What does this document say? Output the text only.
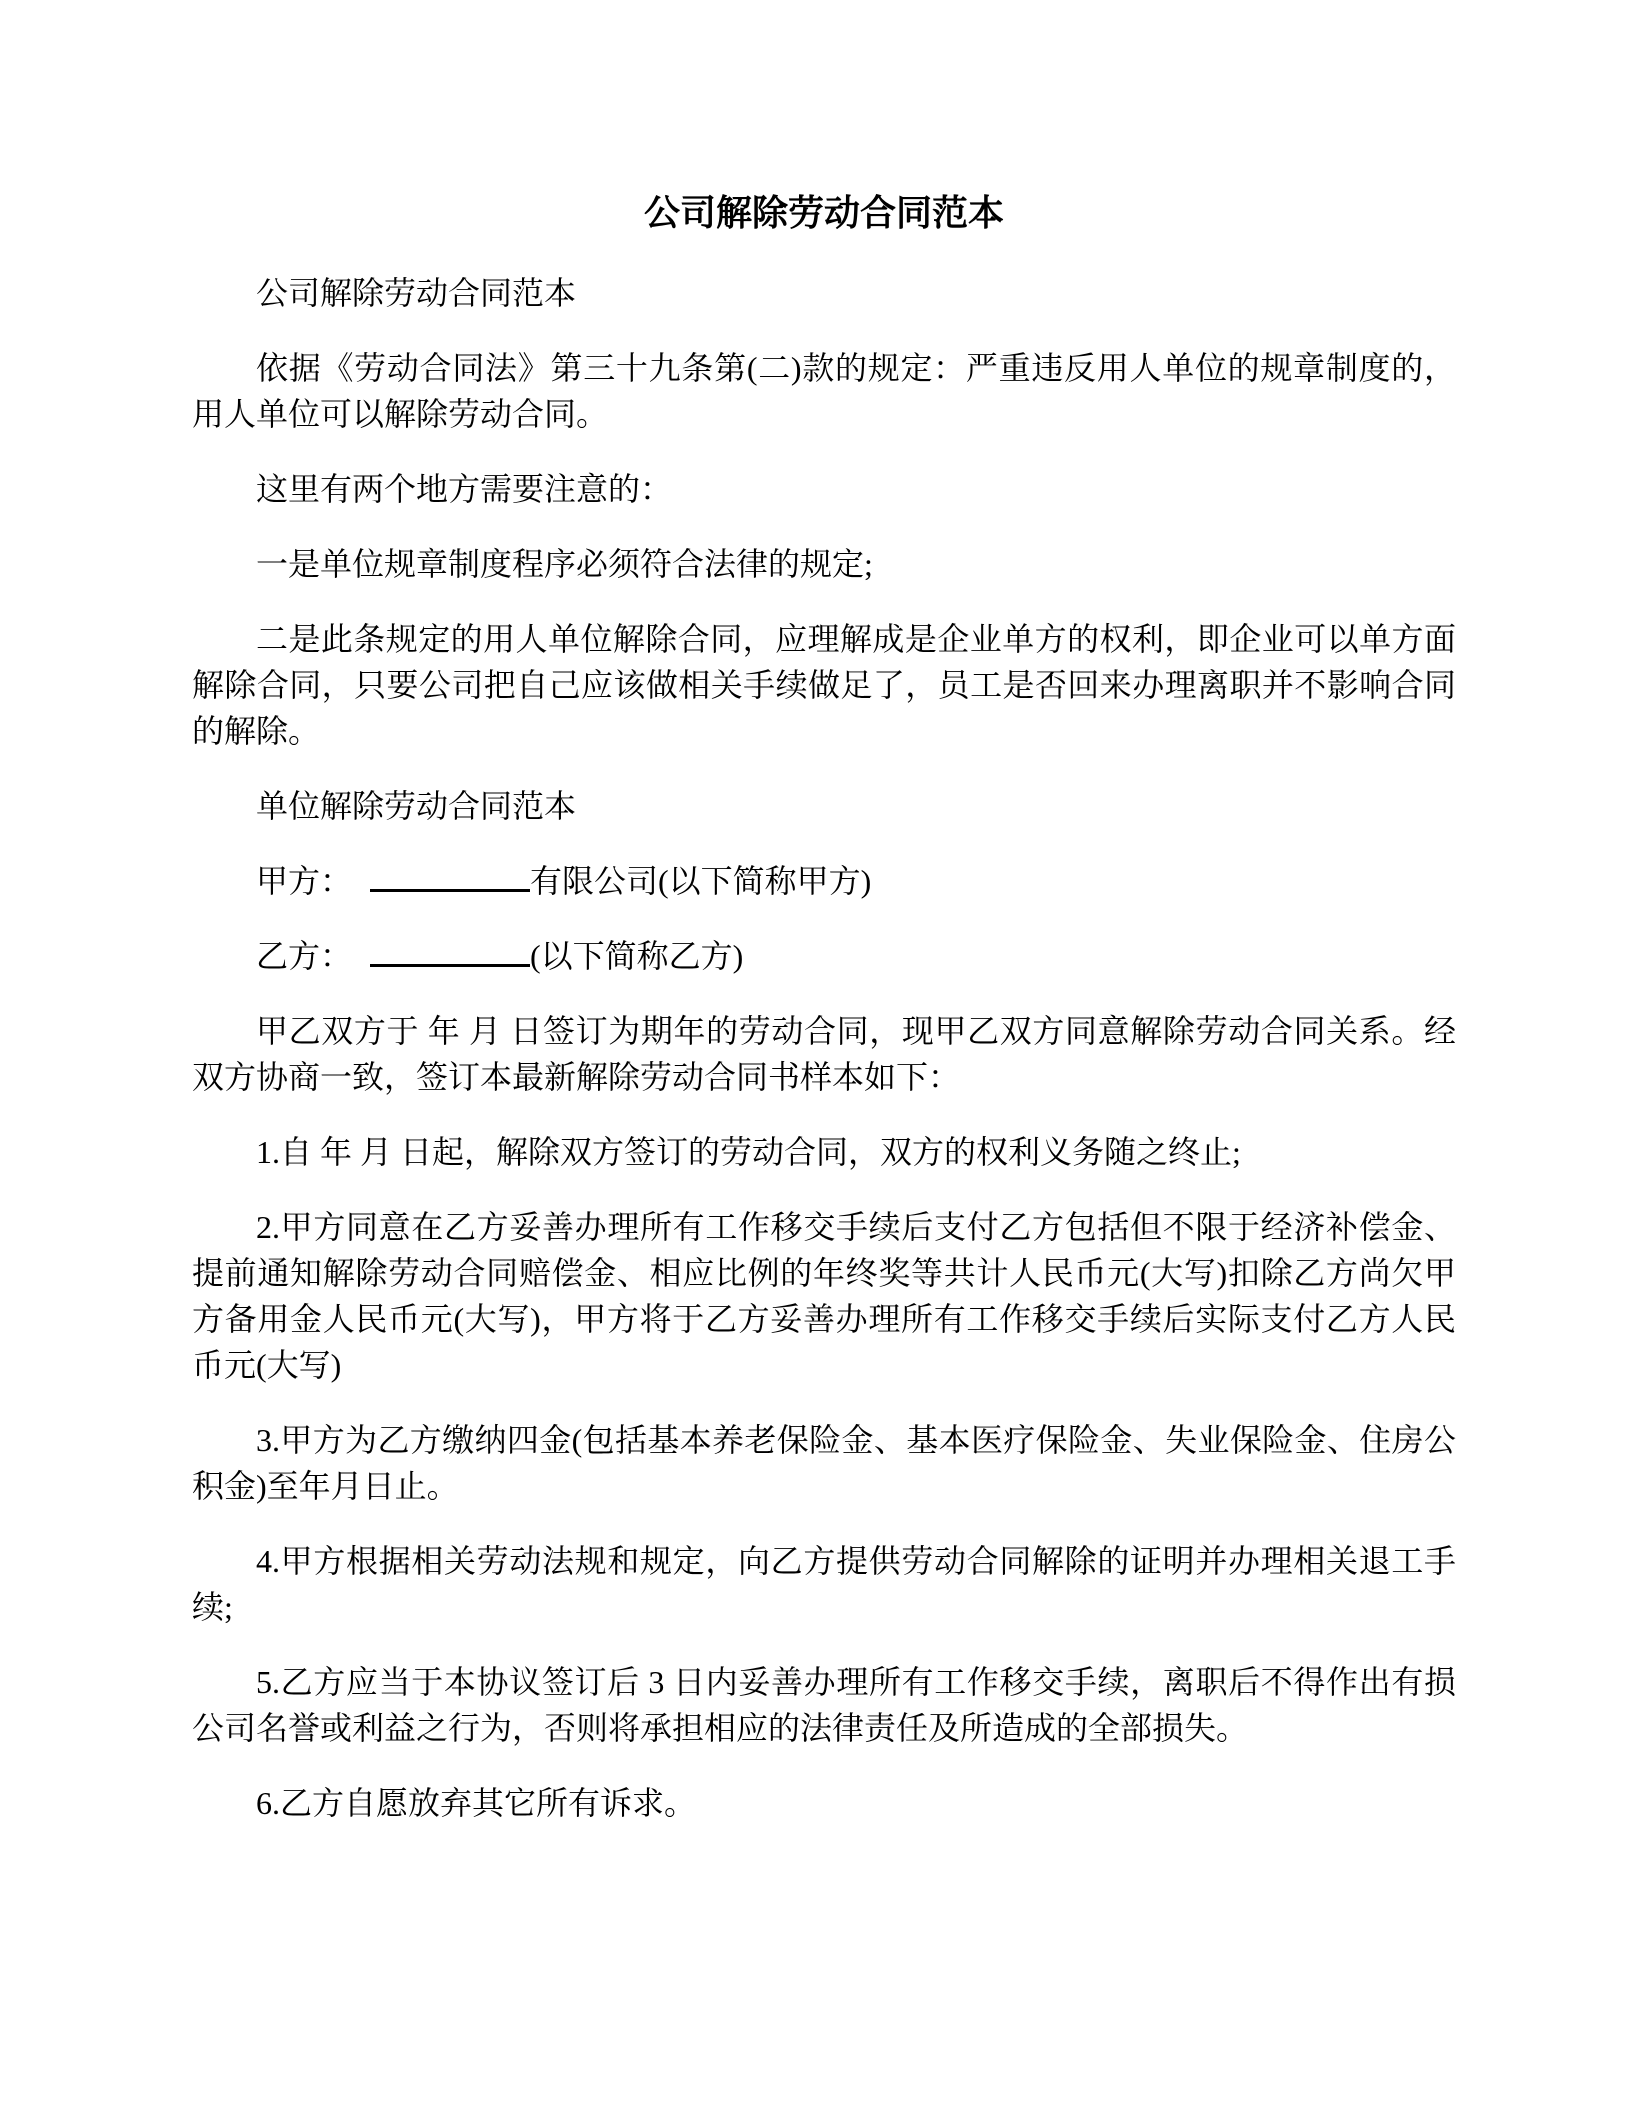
公司解除劳动合同范本

公司解除劳动合同范本

依据《劳动合同法》第三十九条第(二)款的规定：严重违反用人单位的规章制度的，用人单位可以解除劳动合同。

这里有两个地方需要注意的：

一是单位规章制度程序必须符合法律的规定;

二是此条规定的用人单位解除合同，应理解成是企业单方的权利，即企业可以单方面解除合同，只要公司把自己应该做相关手续做足了，员工是否回来办理离职并不影响合同的解除。

单位解除劳动合同范本

甲方：	有限公司(以下简称甲方)

乙方：	(以下简称乙方)

甲乙双方于 年 月 日签订为期年的劳动合同，现甲乙双方同意解除劳动合同关系。经双方协商一致，签订本最新解除劳动合同书样本如下：

1.自 年 月 日起，解除双方签订的劳动合同，双方的权利义务随之终止;

2.甲方同意在乙方妥善办理所有工作移交手续后支付乙方包括但不限于经济补偿金、提前通知解除劳动合同赔偿金、相应比例的年终奖等共计人民币元(大写)扣除乙方尚欠甲方备用金人民币元(大写)，甲方将于乙方妥善办理所有工作移交手续后实际支付乙方人民币元(大写)

3.甲方为乙方缴纳四金(包括基本养老保险金、基本医疗保险金、失业保险金、住房公积金)至年月日止。

4.甲方根据相关劳动法规和规定，向乙方提供劳动合同解除的证明并办理相关退工手续;

5.乙方应当于本协议签订后 3 日内妥善办理所有工作移交手续，离职后不得作出有损公司名誉或利益之行为，否则将承担相应的法律责任及所造成的全部损失。

6.乙方自愿放弃其它所有诉求。
